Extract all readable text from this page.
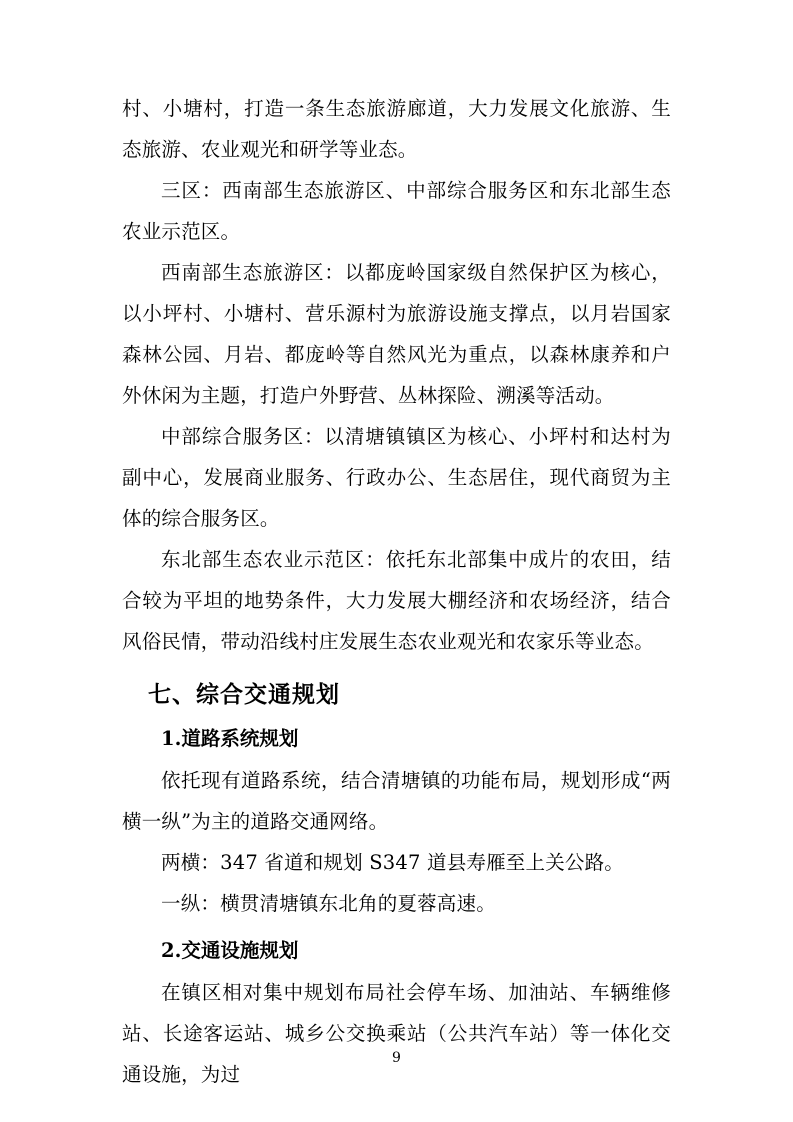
村、小塘村，打造一条生态旅游廊道，大力发展文化旅游、生态旅游、农业观光和研学等业态。

三区：西南部生态旅游区、中部综合服务区和东北部生态农业示范区。

西南部生态旅游区：以都庞岭国家级自然保护区为核心，以小坪村、小塘村、营乐源村为旅游设施支撑点，以月岩国家森林公园、月岩、都庞岭等自然风光为重点，以森林康养和户外休闲为主题，打造户外野营、丛林探险、溯溪等活动。

中部综合服务区：以清塘镇镇区为核心、小坪村和达村为副中心，发展商业服务、行政办公、生态居住，现代商贸为主体的综合服务区。

东北部生态农业示范区：依托东北部集中成片的农田，结合较为平坦的地势条件，大力发展大棚经济和农场经济，结合风俗民情，带动沿线村庄发展生态农业观光和农家乐等业态。

七、综合交通规划
1.道路系统规划

依托现有道路系统，结合清塘镇的功能布局，规划形成“两横一纵”为主的道路交通网络。

两横：347 省道和规划 S347 道县寿雁至上关公路。

一纵：横贯清塘镇东北角的夏蓉高速。

2.交通设施规划

在镇区相对集中规划布局社会停车场、加油站、车辆维修站、长途客运站、城乡公交换乘站（公共汽车站）等一体化交通设施，为过

9
